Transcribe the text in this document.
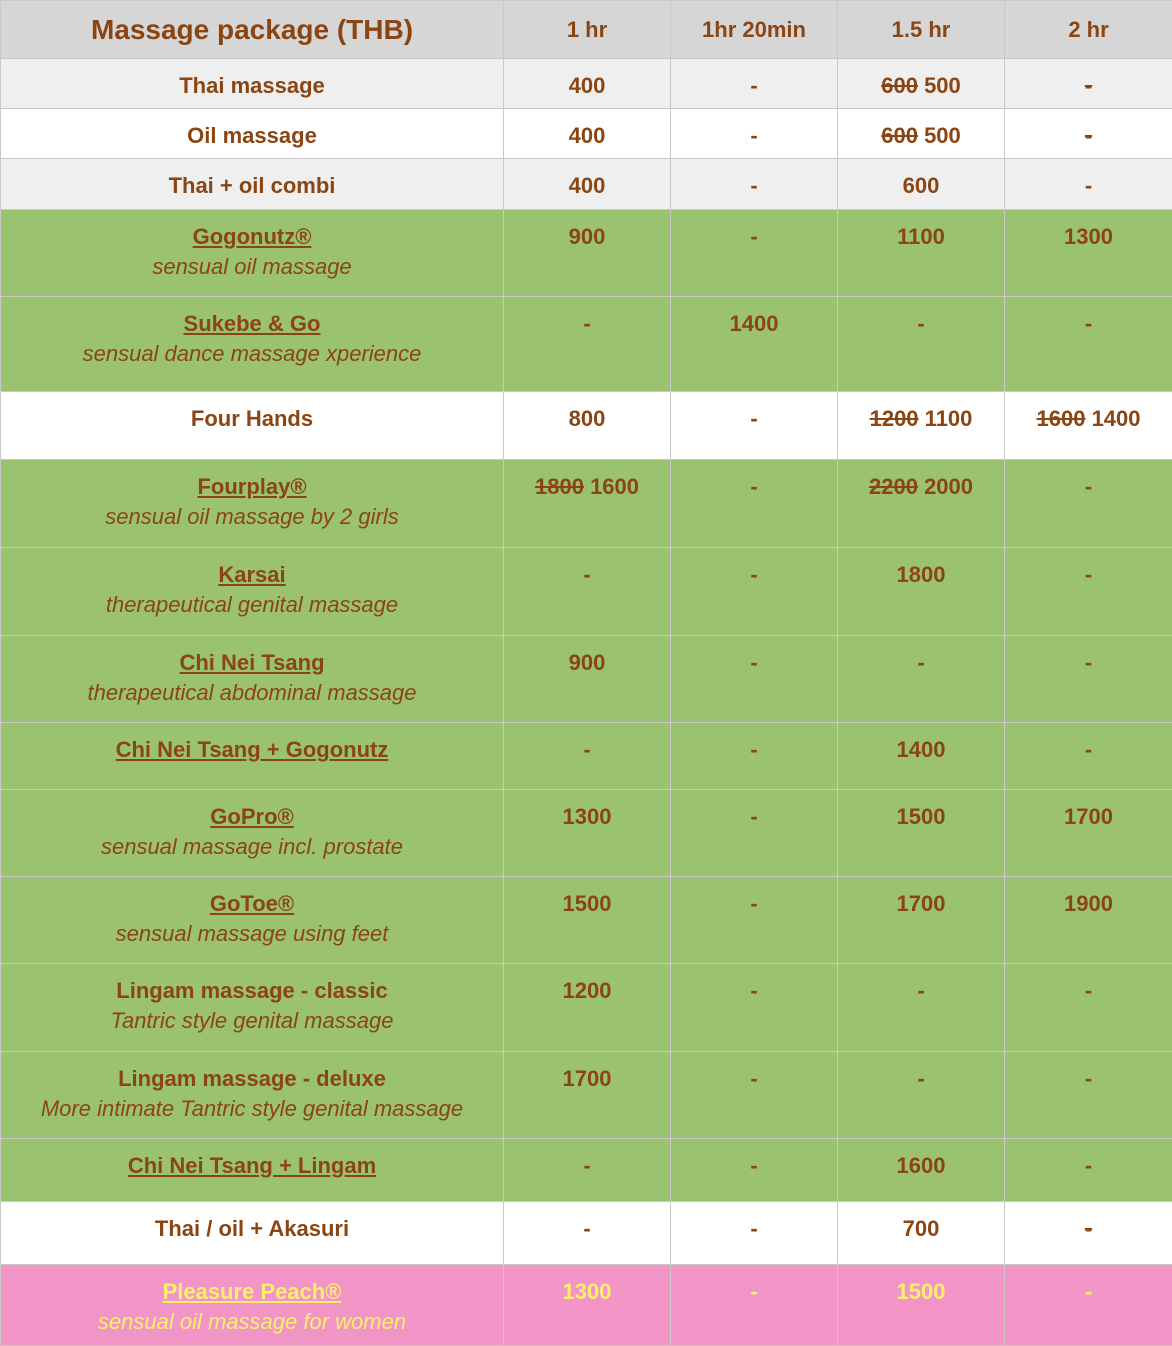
Massage package (THB)	1 hr	1hr 20min	1.5 hr	2 hr

Thai massage	400	-	600 500	-

Oil massage	400	-	600 500	-

Thai + oil combi	400	-	600	-

Gogonutz®
sensual oil massage	900	-	1100	1300

Sukebe & Go
sensual dance massage xperience	-	1400	-	-

Four Hands	800	-	1200 1100	1600 1400

Fourplay®
sensual oil massage by 2 girls	1800 1600	-	2200 2000	-

Karsai
therapeutical genital massage	-	-	1800	-

Chi Nei Tsang
therapeutical abdominal massage	900	-	-	-

Chi Nei Tsang + Gogonutz	-	-	1400	-

GoPro®
sensual massage incl. prostate	1300	-	1500	1700

GoToe®
sensual massage using feet	1500	-	1700	1900

Lingam massage - classic
Tantric style genital massage	1200	-	-	-

Lingam massage - deluxe
More intimate Tantric style genital massage	1700	-	-	-

Chi Nei Tsang + Lingam	-	-	1600	-

Thai / oil + Akasuri	-	-	700	-

Pleasure Peach®
sensual oil massage for women	1300	-	1500	-
